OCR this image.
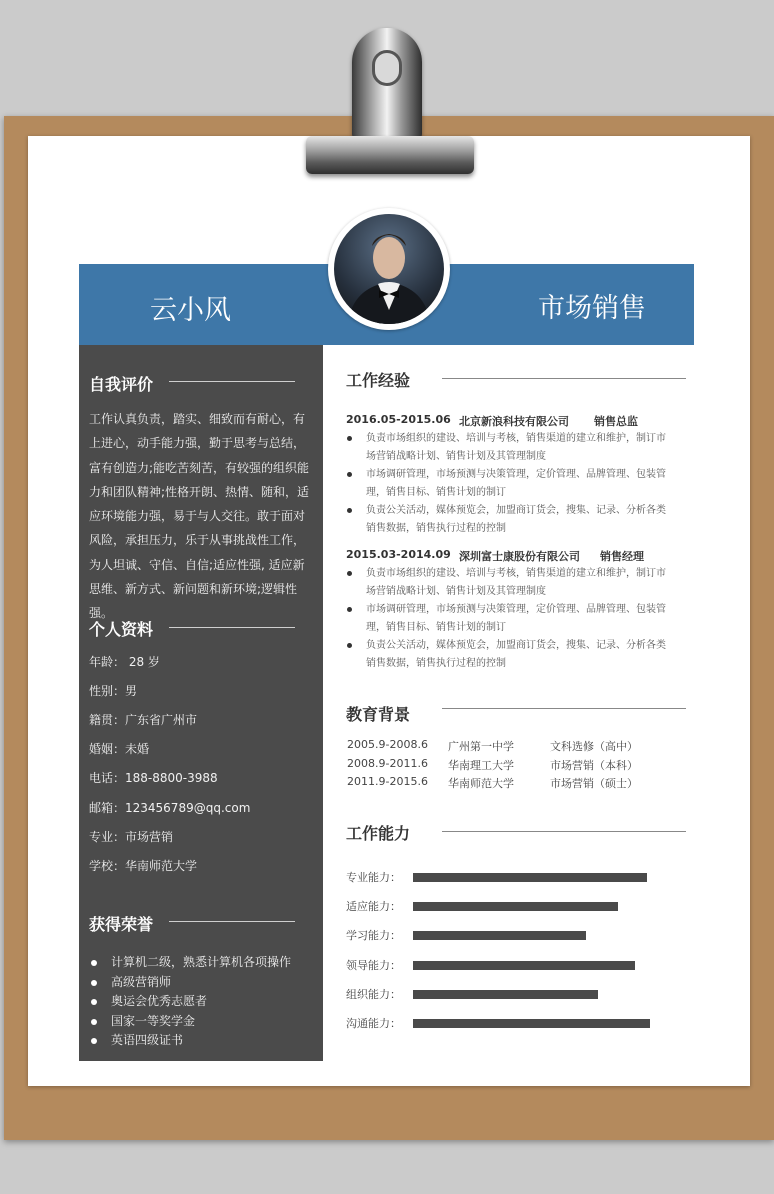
云小风	市场销售
自我评价
工作认真负责，踏实、细致而有耐心，有
上进心，动手能力强，勤于思考与总结，
富有创造力;能吃苦刻苦，有较强的组织能
力和团队精神;性格开朗、热情、随和，适
应环境能力强，易于与人交往。敢于面对
风险，承担压力，乐于从事挑战性工作，
为人坦诚、守信、自信;适应性强, 适应新
思维、新方式、新问题和新环境;逻辑性强。
个人资料
年龄： 28 岁
性别：男
籍贯：广东省广州市
婚姻：未婚
电话：188-8800-3988
邮箱：123456789@qq.com
专业：市场营销
学校：华南师范大学
获得荣誉
计算机二级，熟悉计算机各项操作
高级营销师
奥运会优秀志愿者
国家一等奖学金
英语四级证书
工作经验
2016.05-2015.06 北京新浪科技有限公司 销售总监
负责市场组织的建设、培训与考核，销售渠道的建立和维护，制订市
场营销战略计划、销售计划及其管理制度
市场调研管理，市场预测与决策管理，定价管理、品牌管理、包装管
理，销售目标、销售计划的制订
负责公关活动，媒体预览会，加盟商订货会，搜集、记录、分析各类
销售数据，销售执行过程的控制
2015.03-2014.09 深圳富士康股份有限公司 销售经理
负责市场组织的建设、培训与考核，销售渠道的建立和维护，制订市
场营销战略计划、销售计划及其管理制度
市场调研管理，市场预测与决策管理，定价管理、品牌管理、包装管
理，销售目标、销售计划的制订
负责公关活动，媒体预览会，加盟商订货会，搜集、记录、分析各类
销售数据，销售执行过程的控制
教育背景
2005.9-2008.6 广州第一中学	文科选修（高中）
2008.9-2011.6 华南理工大学	市场营销（本科）
2011.9-2015.6 华南师范大学	市场营销（硕士）
工作能力
专业能力：
适应能力：
学习能力：
领导能力：
组织能力：
沟通能力：
